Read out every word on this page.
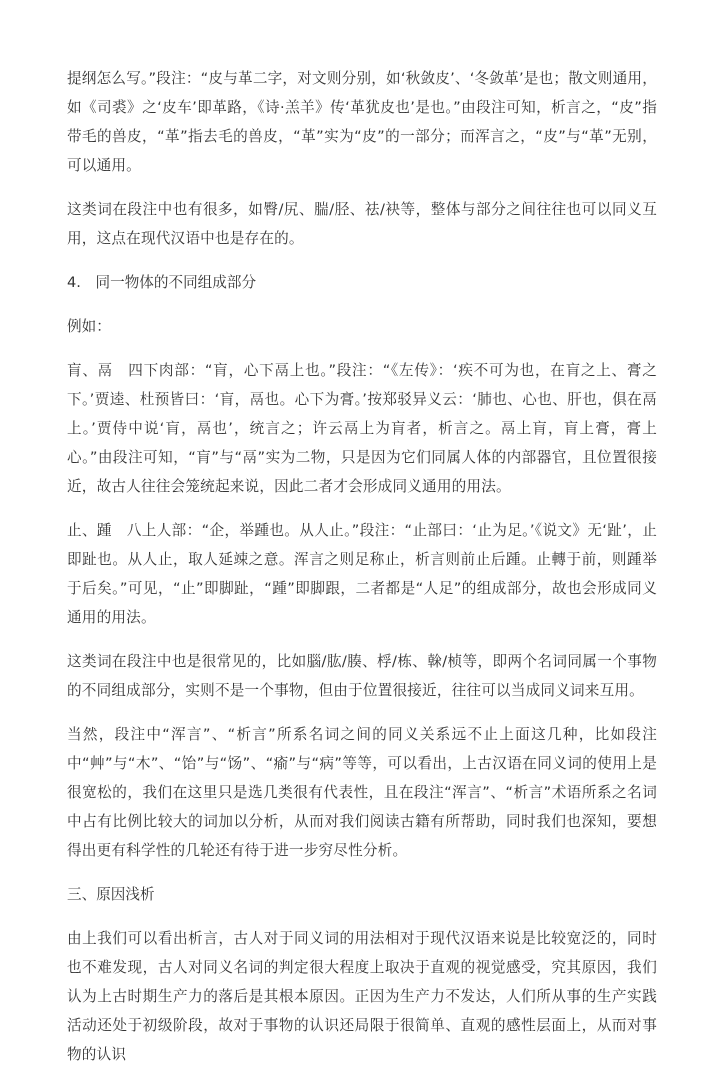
提纲怎么写。”段注：“皮与革二字，对文则分别，如‘秋敛皮’、‘冬敛革’是也；散文则通用，如《司裘》之‘皮车’即革路，《诗·羔羊》传‘革犹皮也’是也。”由段注可知，析言之，“皮”指带毛的兽皮，“革”指去毛的兽皮，“革”实为“皮”的一部分；而浑言之，“皮”与“革”无别，可以通用。

这类词在段注中也有很多，如臀/尻、腨/胫、祛/袂等，整体与部分之间往往也可以同义互用，这点在现代汉语中也是存在的。

4.　同一物体的不同组成部分

例如：

肓、鬲　四下肉部：“肓，心下鬲上也。”段注：“《左传》：‘疾不可为也，在肓之上、膏之下。’贾逵、杜预皆曰：‘肓，鬲也。心下为膏。’按郑驳异义云：‘肺也、心也、肝也，俱在鬲上。’贾侍中说‘肓，鬲也’，统言之；许云鬲上为肓者，析言之。鬲上肓，肓上膏，膏上心。”由段注可知，“肓”与“鬲”实为二物，只是因为它们同属人体的内部器官，且位置很接近，故古人往往会笼统起来说，因此二者才会形成同义通用的用法。

止、踵　八上人部：“企，举踵也。从人止。”段注：“止部曰：‘止为足。’《说文》无‘趾’，止即趾也。从人止，取人延竦之意。浑言之则足称止，析言则前止后踵。止轉于前，则踵举于后矣。”可见，“止”即脚趾，“踵”即脚跟，二者都是“人足”的组成部分，故也会形成同义通用的用法。

这类词在段注中也是很常见的，比如腦/肱/腠、桴/栋、榦/桢等，即两个名词同属一个事物的不同组成部分，实则不是一个事物，但由于位置很接近，往往可以当成同义词来互用。

当然，段注中“浑言”、“析言”所系名词之间的同义关系远不止上面这几种，比如段注中“艸”与“木”、“饴”与“饧”、“瘉”与“病”等等，可以看出，上古汉语在同义词的使用上是很宽松的，我们在这里只是选几类很有代表性，且在段注“浑言”、“析言”术语所系之名词中占有比例比较大的词加以分析，从而对我们阅读古籍有所帮助，同时我们也深知，要想得出更有科学性的几轮还有待于进一步穷尽性分析。

三、原因浅析

由上我们可以看出析言，古人对于同义词的用法相对于现代汉语来说是比较宽泛的，同时也不难发现，古人对同义名词的判定很大程度上取决于直观的视觉感受，究其原因，我们认为上古时期生产力的落后是其根本原因。正因为生产力不发达，人们所从事的生产实践活动还处于初级阶段，故对于事物的认识还局限于很简单、直观的感性层面上，从而对事物的认识
